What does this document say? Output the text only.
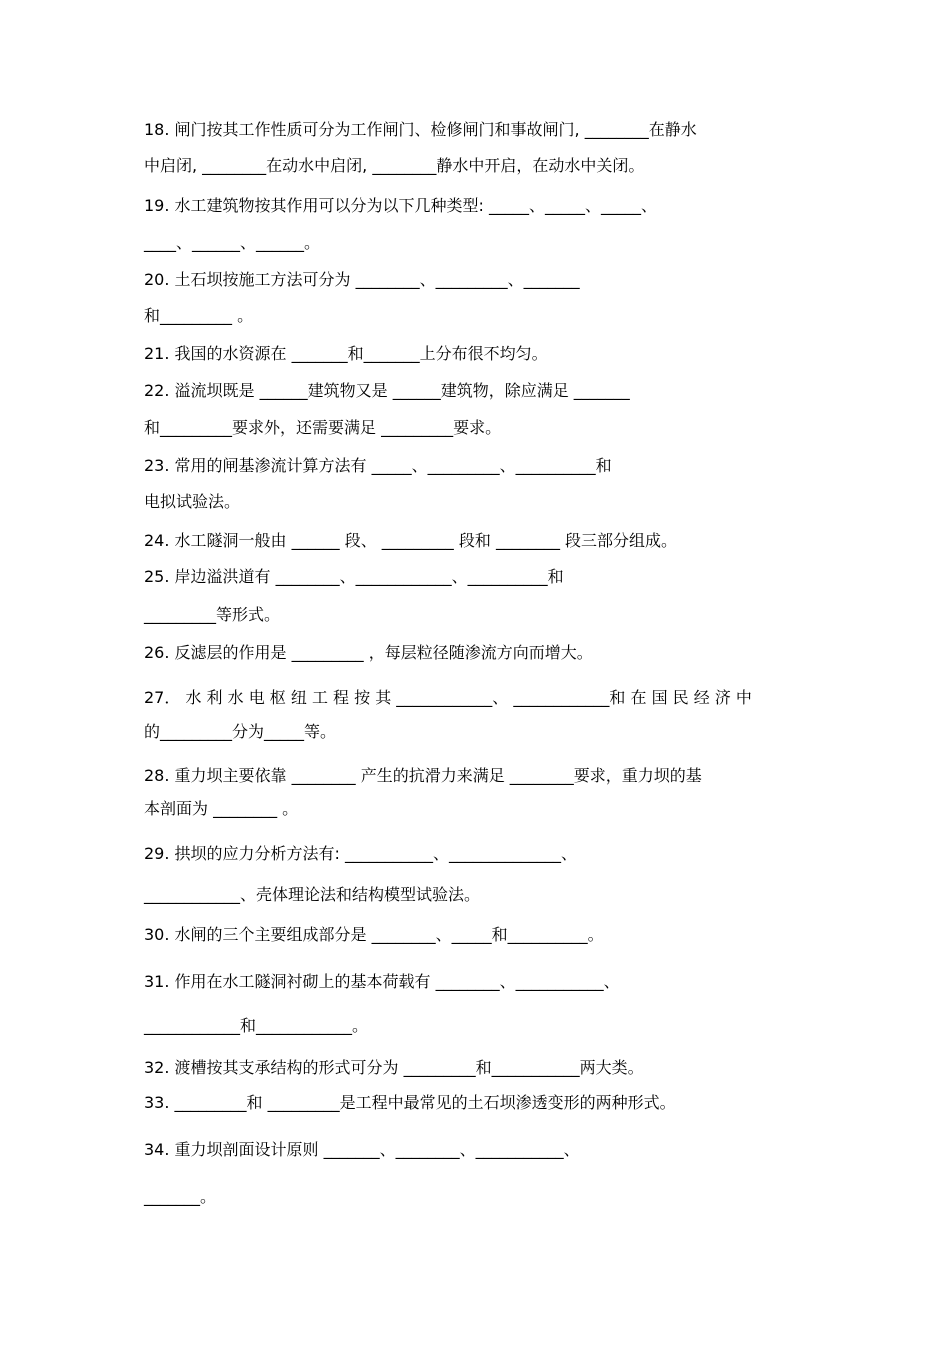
18. 闸门按其工作性质可分为工作闸门、检修闸门和事故闸门, ________在静水
中启闭, ________在动水中启闭, ________静水中开启，在动水中关闭。
19. 水工建筑物按其作用可以分为以下几种类型: _____、_____、_____、
____、______、______。
20. 土石坝按施工方法可分为 ________、_________、_______
和_________ 。
21. 我国的水资源在 _______和_______上分布很不均匀。
22. 溢流坝既是 ______建筑物又是 ______建筑物，除应满足 _______
和_________要求外，还需要满足 _________要求。
23. 常用的闸基渗流计算方法有 _____、_________、__________和
电拟试验法。
24. 水工隧洞一般由 ______ 段、 _________ 段和 ________ 段三部分组成。
25. 岸边溢洪道有 ________、____________、__________和
_________等形式。
26. 反滤层的作用是 _________ ，每层粒径随渗流方向而增大。
27． 水 利 水 电 枢 纽 工 程 按 其 ____________、 ____________和 在 国 民 经 济 中
的_________分为_____等。
28. 重力坝主要依靠 ________ 产生的抗滑力来满足 ________要求，重力坝的基
本剖面为 ________ 。
29. 拱坝的应力分析方法有: ___________、______________、
____________、壳体理论法和结构模型试验法。
30. 水闸的三个主要组成部分是 ________、_____和__________。
31. 作用在水工隧洞衬砌上的基本荷载有 ________、___________、
____________和____________。
32. 渡槽按其支承结构的形式可分为 _________和___________两大类。
33. _________和 _________是工程中最常见的土石坝渗透变形的两种形式。
34. 重力坝剖面设计原则 _______、________、___________、
_______。
